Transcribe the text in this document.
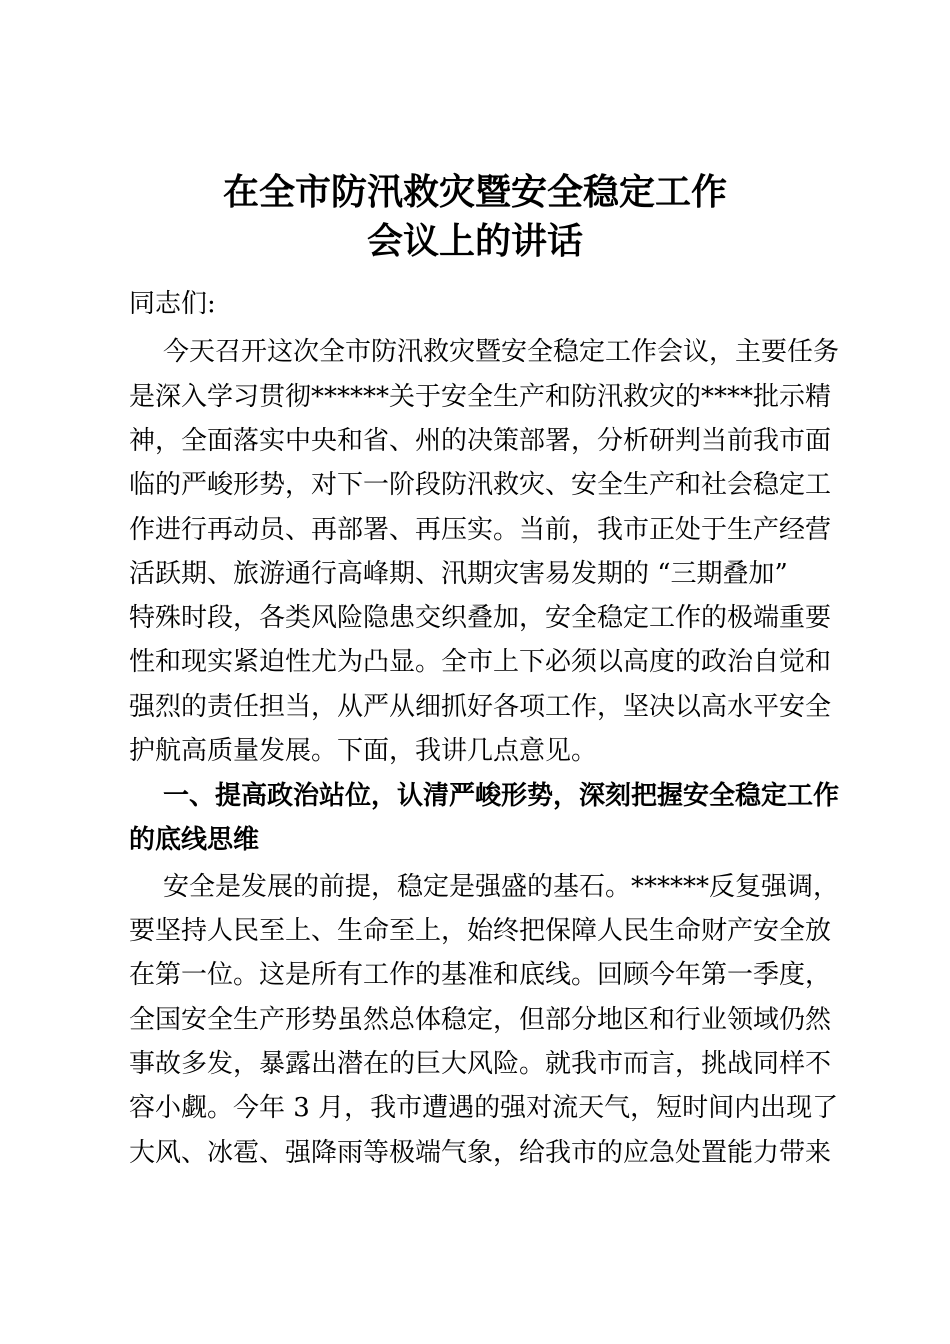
在全市防汛救灾暨安全稳定工作
会议上的讲话
同志们:
今天召开这次全市防汛救灾暨安全稳定工作会议，主要任务
是深入学习贯彻******关于安全生产和防汛救灾的****批示精
神，全面落实中央和省、州的决策部署，分析研判当前我市面
临的严峻形势，对下一阶段防汛救灾、安全生产和社会稳定工
作进行再动员、再部署、再压实。当前，我市正处于生产经营
活跃期、旅游通行高峰期、汛期灾害易发期的 “三期叠加”
特殊时段，各类风险隐患交织叠加，安全稳定工作的极端重要
性和现实紧迫性尤为凸显。全市上下必须以高度的政治自觉和
强烈的责任担当，从严从细抓好各项工作，坚决以高水平安全
护航高质量发展。下面，我讲几点意见。
一、提高政治站位，认清严峻形势，深刻把握安全稳定工作
的底线思维
安全是发展的前提，稳定是强盛的基石。******反复强调，
要坚持人民至上、生命至上，始终把保障人民生命财产安全放
在第一位。这是所有工作的基准和底线。回顾今年第一季度，
全国安全生产形势虽然总体稳定，但部分地区和行业领域仍然
事故多发，暴露出潜在的巨大风险。就我市而言，挑战同样不
容小觑。今年 3 月，我市遭遇的强对流天气，短时间内出现了
大风、冰雹、强降雨等极端气象，给我市的应急处置能力带来
